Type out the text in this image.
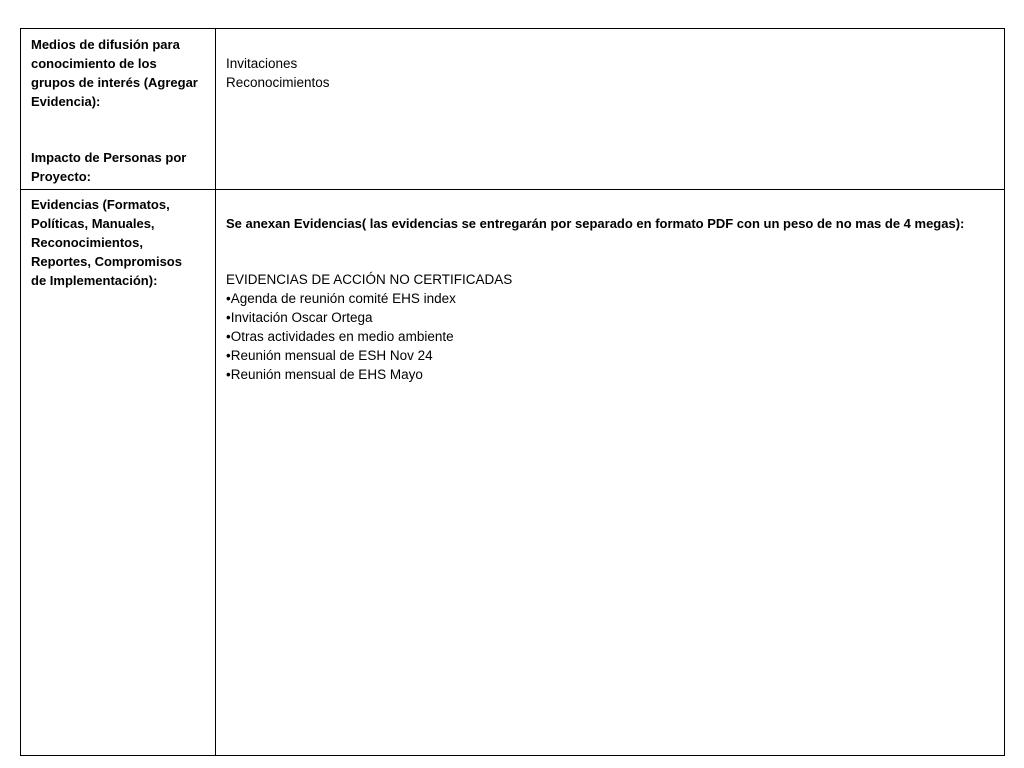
Medios de difusión para
conocimiento de los
grupos de interés (Agregar
Evidencia):
Impacto de Personas por
Proyecto:
Invitaciones
Reconocimientos
Evidencias (Formatos,
Políticas, Manuales,
Reconocimientos,
Reportes, Compromisos
de Implementación):
Se anexan Evidencias( las evidencias se entregarán por separado en formato PDF con un peso de no mas de 4 megas):
EVIDENCIAS DE ACCIÓN NO CERTIFICADAS
•Agenda de reunión comité EHS index
•Invitación Oscar Ortega
•Otras actividades en medio ambiente
•Reunión mensual de ESH Nov 24
•Reunión mensual de EHS Mayo
